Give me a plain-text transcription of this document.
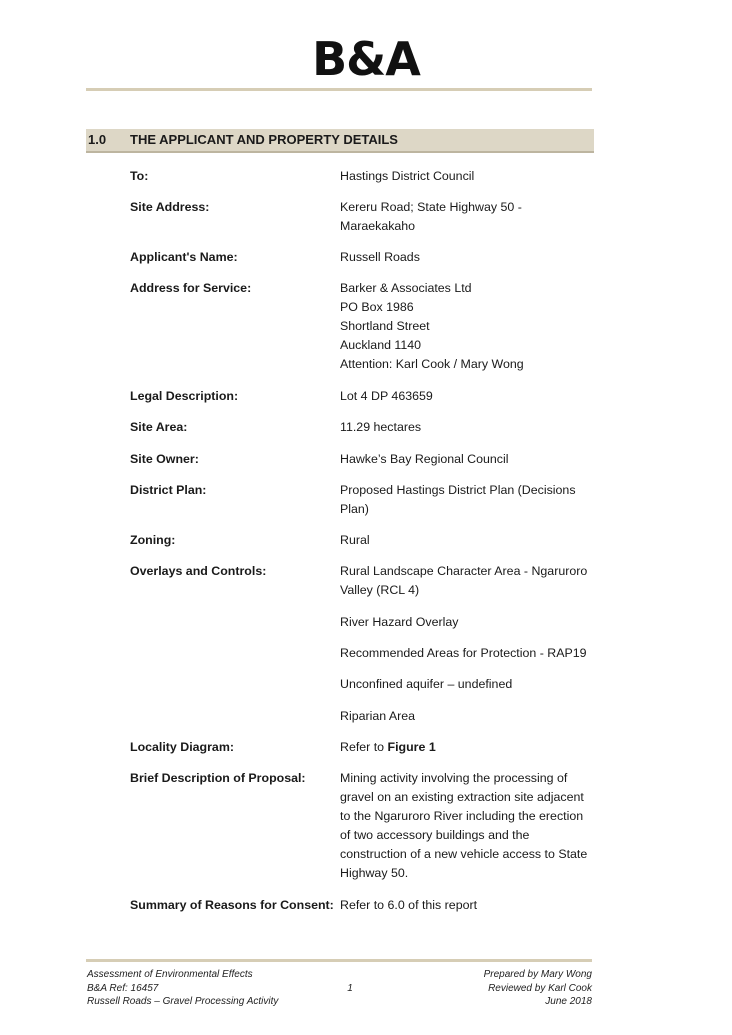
B&A
1.0 THE APPLICANT AND PROPERTY DETAILS
To:	Hastings District Council
Site Address:	Kereru Road; State Highway 50 -
Maraekakaho
Applicant's Name:	Russell Roads
Address for Service:	Barker & Associates Ltd
PO Box 1986
Shortland Street
Auckland 1140
Attention: Karl Cook / Mary Wong
Legal Description:	Lot 4 DP 463659
Site Area:	11.29 hectares
Site Owner:	Hawke’s Bay Regional Council
District Plan:	Proposed Hastings District Plan (Decisions
Plan)
Zoning:	Rural
Overlays and Controls:	Rural Landscape Character Area - Ngaruroro
Valley (RCL 4)
River Hazard Overlay
Recommended Areas for Protection - RAP19
Unconfined aquifer – undefined
Riparian Area
Locality Diagram:	Refer to Figure 1
Brief Description of Proposal:	Mining activity involving the processing of
gravel on an existing extraction site adjacent
to the Ngaruroro River including the erection
of two accessory buildings and the
construction of a new vehicle access to State
Highway 50.
Summary of Reasons for Consent: Refer to 6.0 of this report
Assessment of Environmental Effects
B&A Ref: 16457
Russell Roads – Gravel Processing Activity
1
Prepared by Mary Wong
Reviewed by Karl Cook
June 2018
